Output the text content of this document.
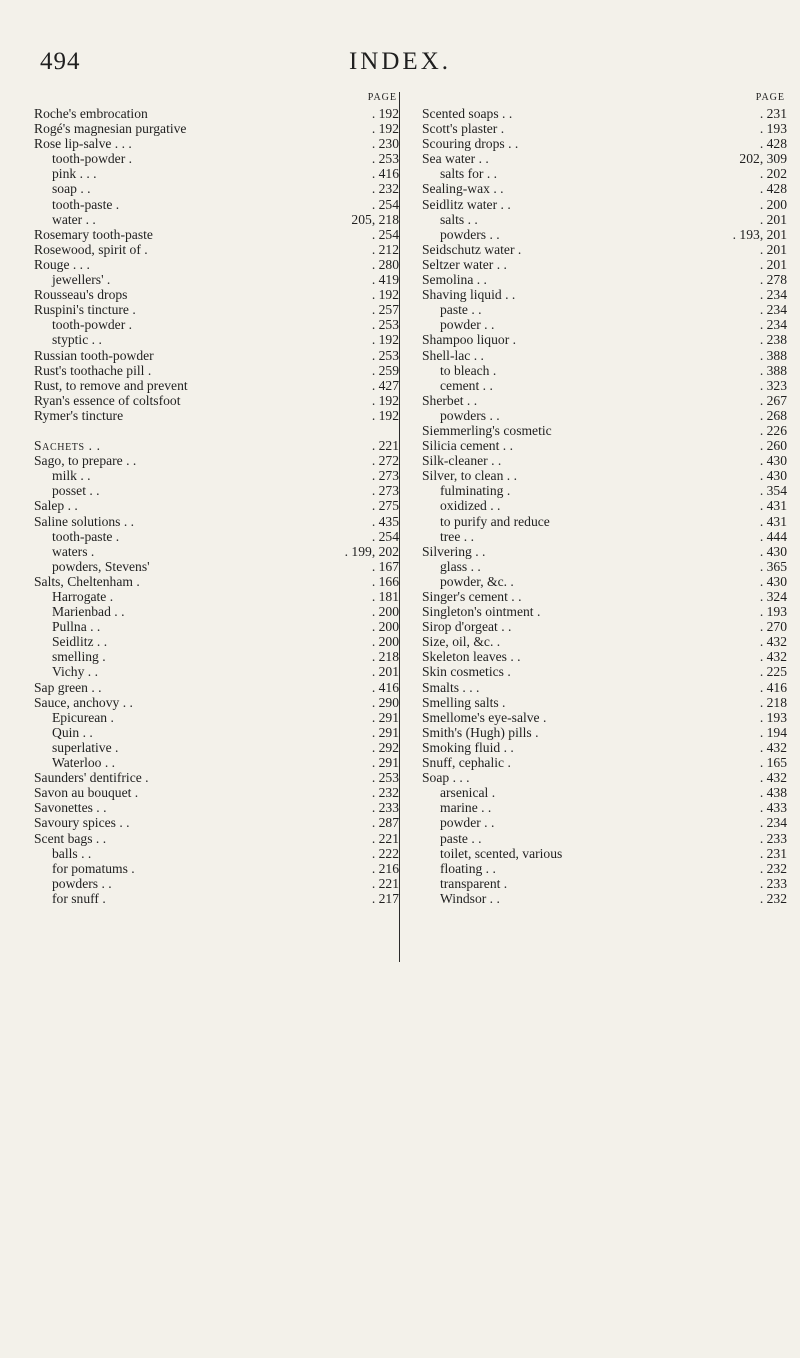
INDEX.
494
PAGE
Roche's embrocation	. 192
Rogé's magnesian purgative	. 192
Rose lip-salve . . .	. 230
tooth-powder .	. 253
pink . . .	. 416
soap . .	. 232
tooth-paste .	. 254
water . .	205, 218
Rosemary tooth-paste	. 254
Rosewood, spirit of .	. 212
Rouge . . .	. 280
jewellers' .	. 419
Rousseau's drops	. 192
Ruspini's tincture .	. 257
tooth-powder .	. 253
styptic . .	. 192
Russian tooth-powder	. 253
Rust's toothache pill .	. 259
Rust, to remove and prevent	. 427
Ryan's essence of coltsfoot	. 192
Rymer's tincture	. 192
Sachets . .	. 221
Sago, to prepare . .	. 272
milk . .	. 273
posset . .	. 273
Salep . .	. 275
Saline solutions . .	. 435
tooth-paste .	. 254
waters .	. 199, 202
powders, Stevens'	. 167
Salts, Cheltenham .	. 166
Harrogate .	. 181
Marienbad . .	. 200
Pullna . .	. 200
Seidlitz . .	. 200
smelling .	. 218
Vichy . .	. 201
Sap green . .	. 416
Sauce, anchovy . .	. 290
Epicurean .	. 291
Quin . .	. 291
superlative .	. 292
Waterloo . .	. 291
Saunders' dentifrice .	. 253
Savon au bouquet .	. 232
Savonettes . .	. 233
Savoury spices . .	. 287
Scent bags . .	. 221
balls . .	. 222
for pomatums .	. 216
powders . .	. 221
for snuff .	. 217
PAGE
Scented soaps . .	. 231
Scott's plaster .	. 193
Scouring drops . .	. 428
Sea water . .	202, 309
salts for . .	. 202
Sealing-wax . .	. 428
Seidlitz water . .	. 200
salts . .	. 201
powders . .	. 193, 201
Seidschutz water .	. 201
Seltzer water . .	. 201
Semolina . .	. 278
Shaving liquid . .	. 234
paste . .	. 234
powder . .	. 234
Shampoo liquor .	. 238
Shell-lac . .	. 388
to bleach .	. 388
cement . .	. 323
Sherbet . .	. 267
powders . .	. 268
Siemmerling's cosmetic	. 226
Silicia cement . .	. 260
Silk-cleaner . .	. 430
Silver, to clean . .	. 430
fulminating .	. 354
oxidized . .	. 431
to purify and reduce	. 431
tree . .	. 444
Silvering . .	. 430
glass . .	. 365
powder, &c. .	. 430
Singer's cement . .	. 324
Singleton's ointment .	. 193
Sirop d'orgeat . .	. 270
Size, oil, &c. .	. 432
Skeleton leaves . .	. 432
Skin cosmetics .	. 225
Smalts . . .	. 416
Smelling salts .	. 218
Smellome's eye-salve .	. 193
Smith's (Hugh) pills .	. 194
Smoking fluid . .	. 432
Snuff, cephalic .	. 165
Soap . . .	. 432
arsenical .	. 438
marine . .	. 433
powder . .	. 234
paste . .	. 233
toilet, scented, various	. 231
floating . .	. 232
transparent .	. 233
Windsor . .	. 232
